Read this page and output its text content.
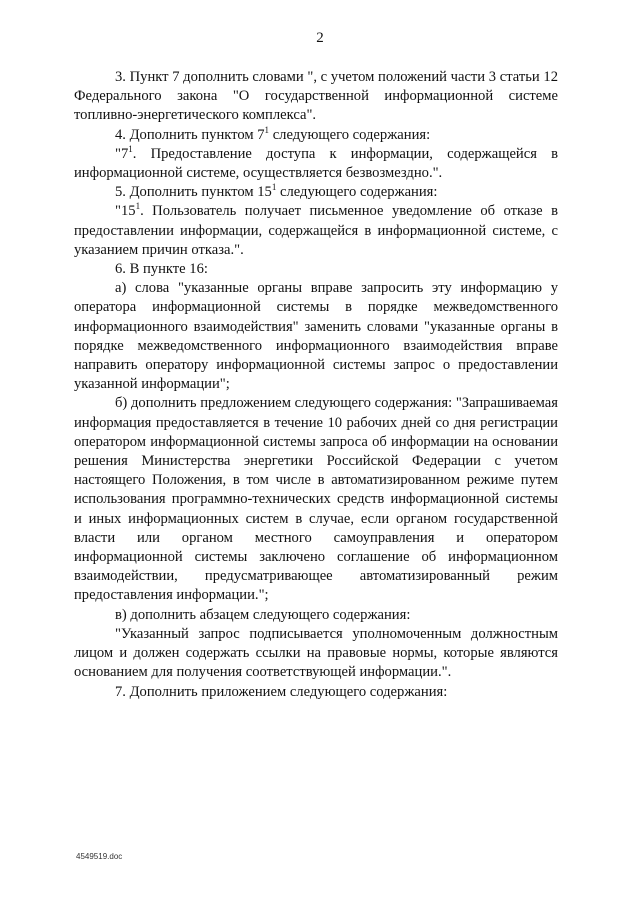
2

3. Пункт 7 дополнить словами ", с учетом положений части 3 статьи 12 Федерального закона "О государственной информационной системе топливно-энергетического комплекса".

4. Дополнить пунктом $7^1$ следующего содержания:

"$7^1$. Предоставление доступа к информации, содержащейся в информационной системе, осуществляется безвозмездно.".

5. Дополнить пунктом $15^1$ следующего содержания:

"$15^1$. Пользователь получает письменное уведомление об отказе в предоставлении информации, содержащейся в информационной системе, с указанием причин отказа.".

6. В пункте 16:

а) слова "указанные органы вправе запросить эту информацию у оператора информационной системы в порядке межведомственного информационного взаимодействия" заменить словами "указанные органы в порядке межведомственного информационного взаимодействия вправе направить оператору информационной системы запрос о предоставлении указанной информации";

б) дополнить предложением следующего содержания: "Запрашиваемая информация предоставляется в течение 10 рабочих дней со дня регистрации оператором информационной системы запроса об информации на основании решения Министерства энергетики Российской Федерации с учетом настоящего Положения, в том числе в автоматизированном режиме путем использования программно-технических средств информационной системы и иных информационных систем в случае, если органом государственной власти или органом местного самоуправления и оператором информационной системы заключено соглашение об информационном взаимодействии, предусматривающее автоматизированный режим предоставления информации.";

в) дополнить абзацем следующего содержания:

"Указанный запрос подписывается уполномоченным должностным лицом и должен содержать ссылки на правовые нормы, которые являются основанием для получения соответствующей информации.".

7. Дополнить приложением следующего содержания:

4549519.doc
